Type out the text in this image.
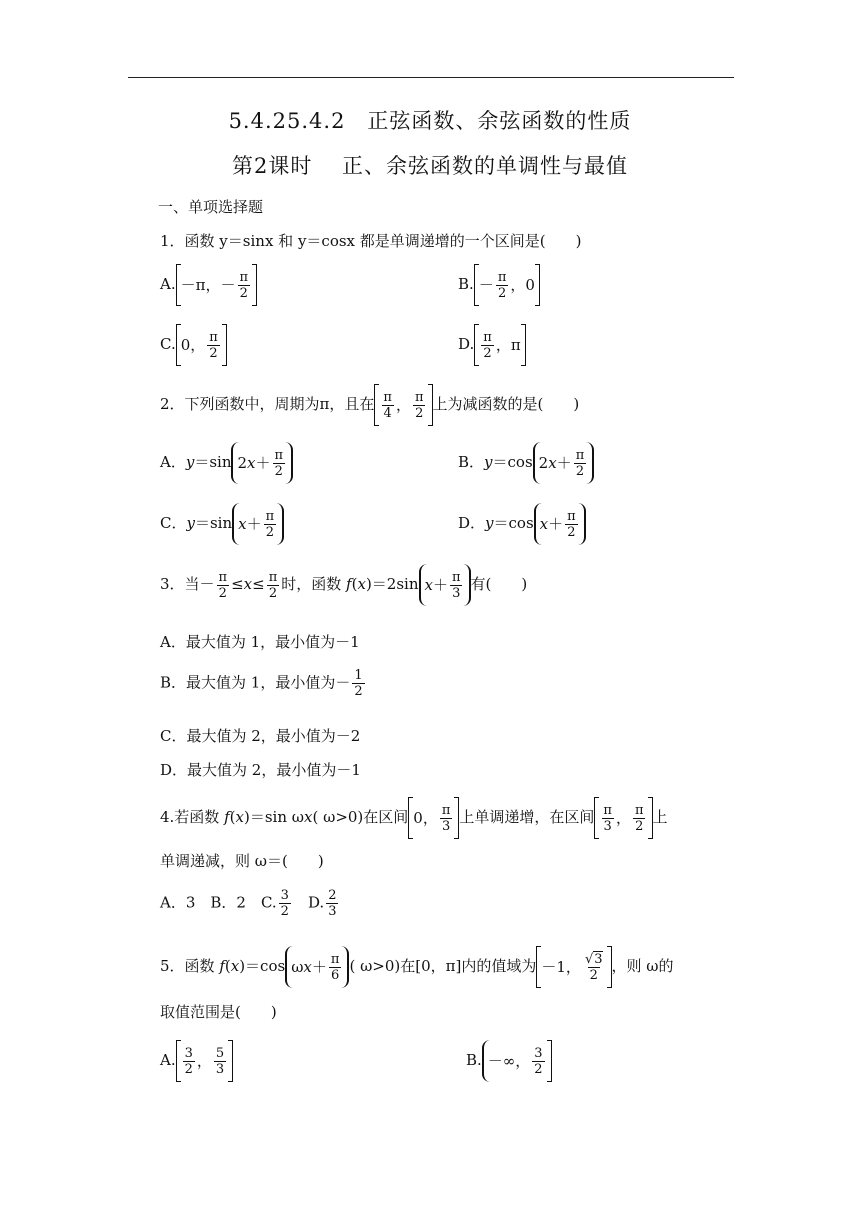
5.4.25.4.2　正弦函数、余弦函数的性质
第2课时　 正、余弦函数的单调性与最值
一、单项选择题
1．函数 y＝sinx 和 y＝cosx 都是单调递增的一个区间是(　　)
A. －π，－ $\frac{\pi}{2}$	B. － $\frac{\pi}{2}$ ，0
C. 0， $\frac{\pi}{2}$	D. $\frac{\pi}{2}$ ，π
2．下列函数中，周期为π，且在 $\frac{\pi}{4}$ ， $\frac{\pi}{2}$ 上为减函数的是(　　)
A．y＝sin 2 $x + \frac{\pi}{2}$	B．y＝cos 2 $x + \frac{\pi}{2}$
C．y＝sin $x + \frac{\pi}{2}$	D．y＝cos $x + \frac{\pi}{2}$
3．当－ $\frac{\pi}{2} \le x\le \frac{\pi}{2}$ 时，函数 f(x)＝2sin $x + \frac{\pi}{3}$ 有(　　)
A．最大值为 1，最小值为－1
B．最大值为 1，最小值为－ $\frac{1}{2}$
C．最大值为 2，最小值为－2
D．最大值为 2，最小值为－1
4.若函数 f(x)＝sin ωx( ω>0)在区间 0， $\frac{\pi}{3}$ 上单调递增，在区间 $\frac{\pi}{3}$ ， $\frac{\pi}{2}$ 上
单调递减，则 ω＝(　　)
A．3　B．2　C. $\frac{3}{2}$ 　D. $\frac{2}{3}$
5．函数 f(x)＝cos ω $x + \frac{\pi}{6}$ ( ω>0)在[0，π]内的值域为 －1， $\frac{√3}{2}$ ，则 ω的
取值范围是(　　)
A. $\frac{3}{2}$ ， $\frac{5}{3}$	B. －∞， $\frac{3}{2}$
